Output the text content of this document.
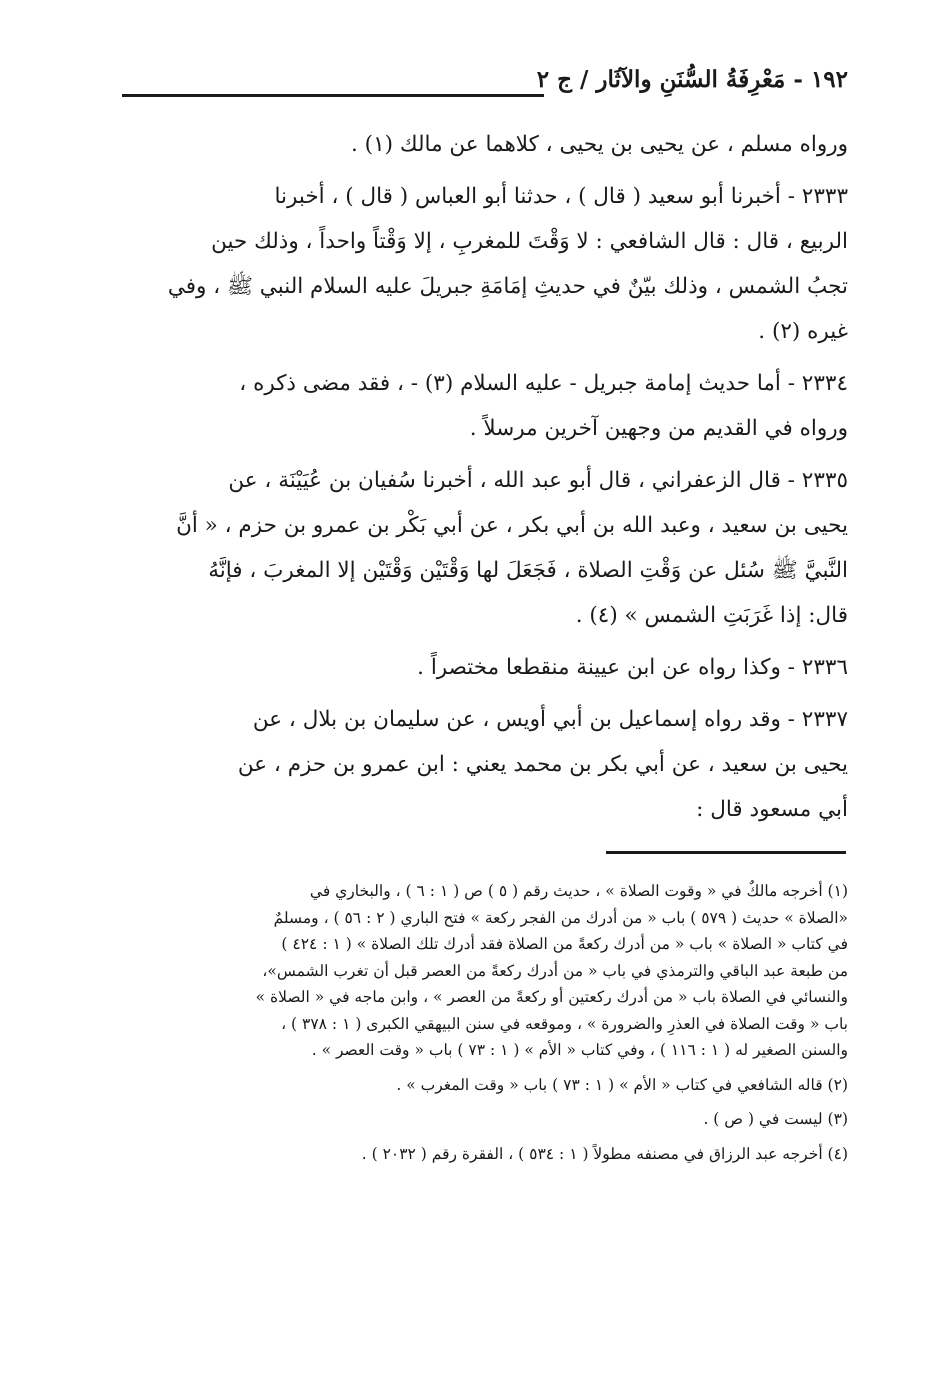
١٩٢ - مَعْرِفَةُ السُّنَنِ والآثَار / ج ٢
ورواه مسلم ، عن يحيى بن يحيى ، كلاهما عن مالك (١) .
٢٣٣٣ - أخبرنا أبو سعيد ( قال ) ، حدثنا أبو العباس ( قال ) ، أخبرنا
الربيع ، قال : قال الشافعي : لا وَقْتَ للمغربِ ، إلا وَقْتاً واحداً ، وذلك حين
تجبُ الشمس ، وذلك بيّنٌ في حديثِ إمَامَةِ جبريلَ عليه السلام النبي ﷺ ، وفي
غيره (٢) .
٢٣٣٤ - أما حديث إمامة جبريل - عليه السلام (٣) - ، فقد مضى ذكره ،
ورواه في القديم من وجهين آخرين مرسلاً .
٢٣٣٥ - قال الزعفراني ، قال أبو عبد الله ، أخبرنا سُفيان بن عُيَيْنَة ، عن
يحيى بن سعيد ، وعبد الله بن أبي بكر ، عن أبي بَكْر بن عمرو بن حزم ، « أنَّ
النَّبيَّ ﷺ سُئل عن وَقْتِ الصلاة ، فَجَعَلَ لها وَقْتَيْن وَقْتَيْن إلا المغربَ ، فإنَّهُ
قال: إذا غَرَبَتِ الشمس » (٤) .
٢٣٣٦ - وكذا رواه عن ابن عيينة منقطعا مختصراً .
٢٣٣٧ - وقد رواه إسماعيل بن أبي أويس ، عن سليمان بن بلال ، عن
يحيى بن سعيد ، عن أبي بكر بن محمد يعني : ابن عمرو بن حزم ، عن
أبي مسعود قال :
(١) أخرجه مالكٌ في « وقوت الصلاة » ، حديث رقم ( ٥ ) ص ( ١ : ٦ ) ، والبخاري في
«الصلاة » حديث ( ٥٧٩ ) باب « من أدرك من الفجر ركعة » فتح الباري ( ٢ : ٥٦ ) ، ومسلمٌ
في كتاب « الصلاة » باب « من أدرك ركعةً من الصلاة فقد أدرك تلك الصلاة » ( ١ : ٤٢٤ )
من طبعة عبد الباقي والترمذي في باب « من أدرك ركعةً من العصر قبل أن تغرب الشمس»،
والنسائي في الصلاة باب « من أدرك ركعتين أو ركعةً من العصر » ، وابن ماجه في « الصلاة »
باب « وقت الصلاة في العذرِ والضرورة » ، وموقعه في سنن البيهقي الكبرى ( ١ : ٣٧٨ ) ،
والسنن الصغير له ( ١ : ١١٦ ) ، وفي كتاب « الأم » ( ١ : ٧٣ ) باب « وقت العصر » .
(٢) قاله الشافعي في كتاب « الأم » ( ١ : ٧٣ ) باب « وقت المغرب » .
(٣) ليست في ( ص ) .
(٤) أخرجه عبد الرزاق في مصنفه مطولاً ( ١ : ٥٣٤ ) ، الفقرة رقم ( ٢٠٣٢ ) .
